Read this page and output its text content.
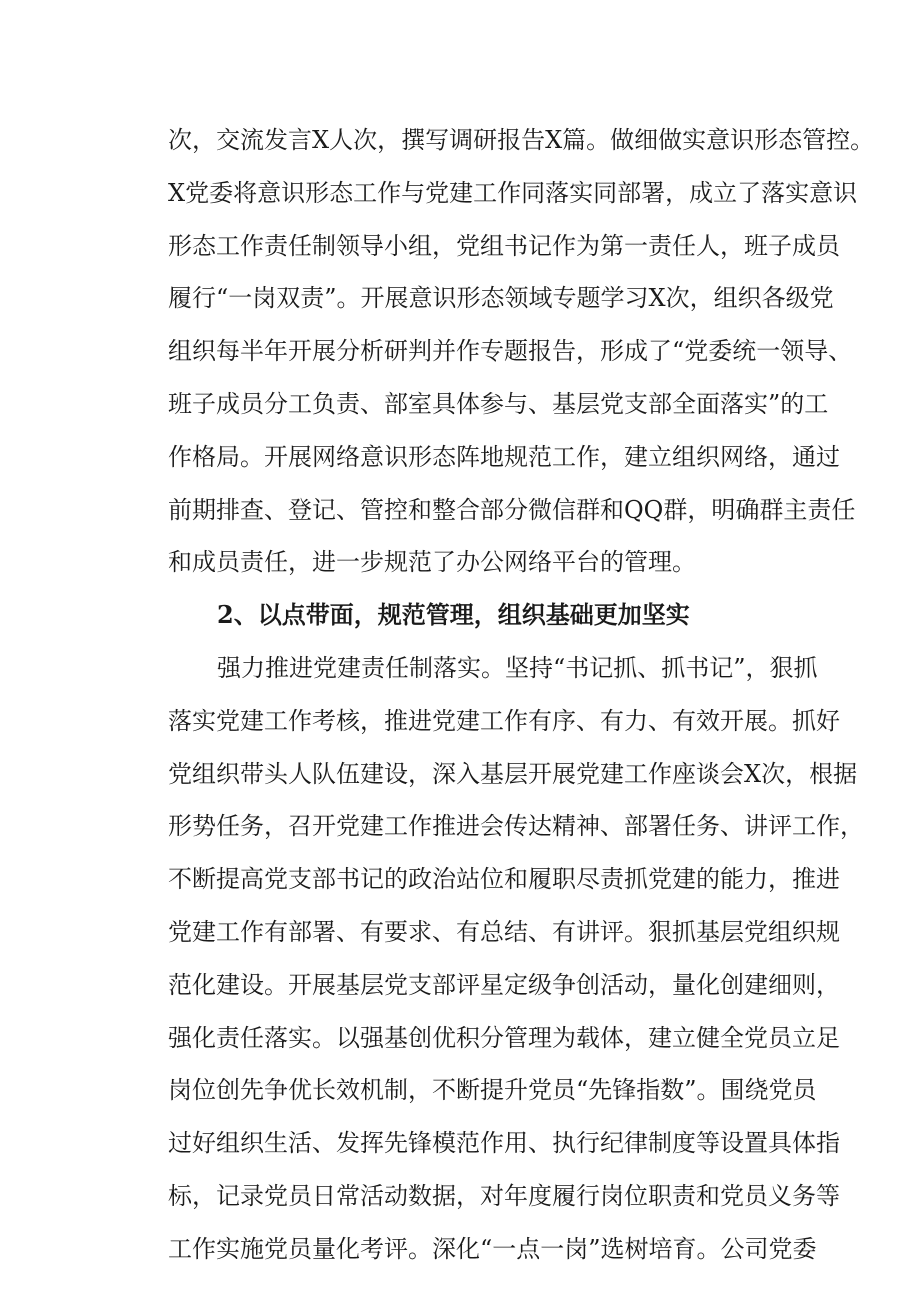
次，交流发言X人次，撰写调研报告X篇。做细做实意识形态管控。
X党委将意识形态工作与党建工作同落实同部署，成立了落实意识
形态工作责任制领导小组，党组书记作为第一责任人，班子成员
履行“一岗双责”。开展意识形态领域专题学习X次，组织各级党
组织每半年开展分析研判并作专题报告，形成了“党委统一领导、
班子成员分工负责、部室具体参与、基层党支部全面落实”的工
作格局。开展网络意识形态阵地规范工作，建立组织网络，通过
前期排查、登记、管控和整合部分微信群和QQ群，明确群主责任
和成员责任，进一步规范了办公网络平台的管理。
2、以点带面，规范管理，组织基础更加坚实
强力推进党建责任制落实。坚持“书记抓、抓书记”，狠抓
落实党建工作考核，推进党建工作有序、有力、有效开展。抓好
党组织带头人队伍建设，深入基层开展党建工作座谈会X次，根据
形势任务，召开党建工作推进会传达精神、部署任务、讲评工作，
不断提高党支部书记的政治站位和履职尽责抓党建的能力，推进
党建工作有部署、有要求、有总结、有讲评。狠抓基层党组织规
范化建设。开展基层党支部评星定级争创活动，量化创建细则，
强化责任落实。以强基创优积分管理为载体，建立健全党员立足
岗位创先争优长效机制，不断提升党员“先锋指数”。围绕党员
过好组织生活、发挥先锋模范作用、执行纪律制度等设置具体指
标，记录党员日常活动数据，对年度履行岗位职责和党员义务等
工作实施党员量化考评。深化“一点一岗”选树培育。公司党委
